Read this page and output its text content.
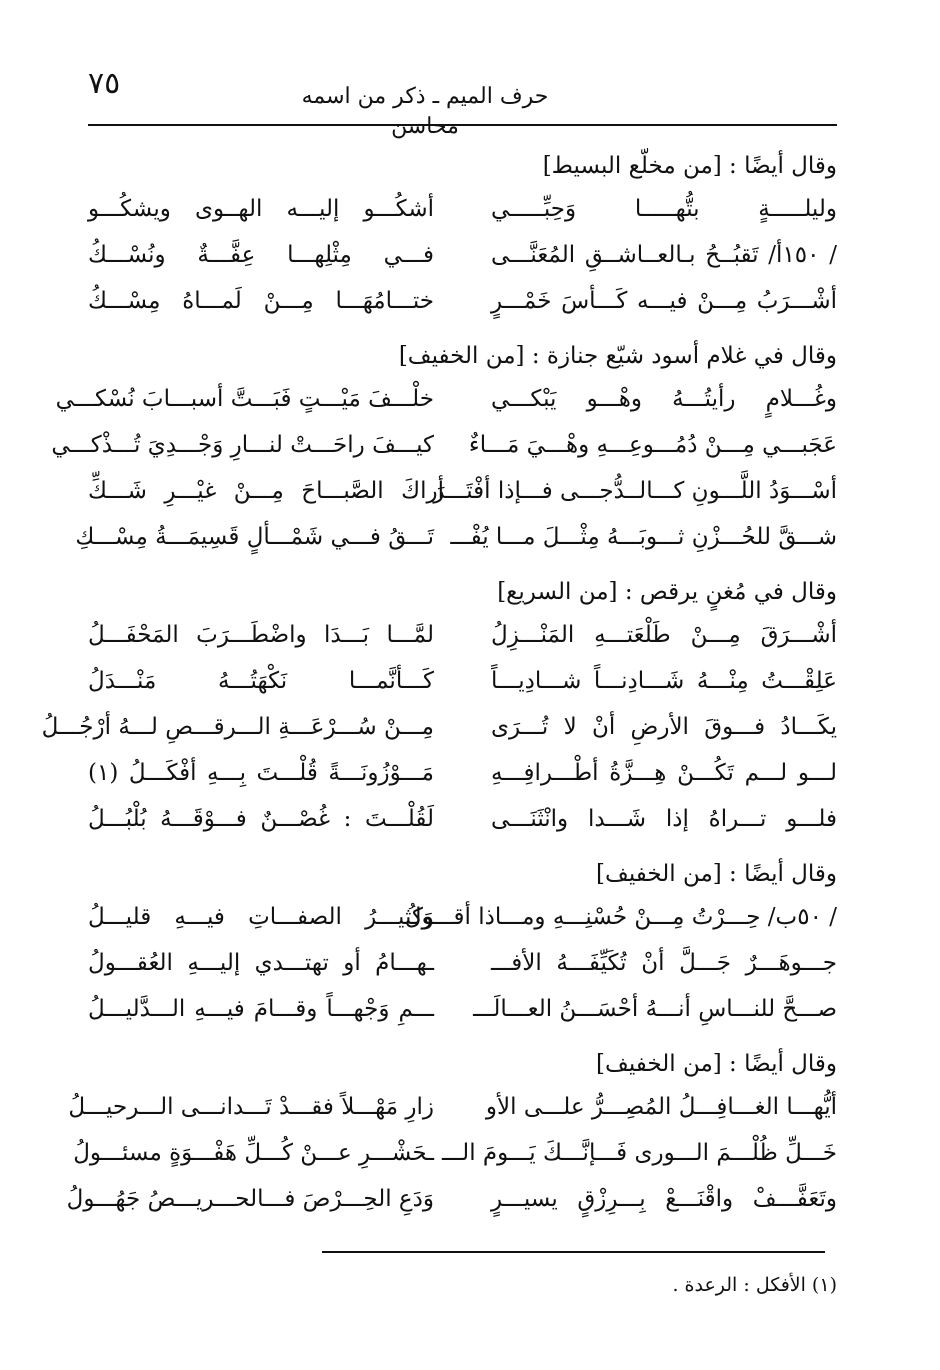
٧٥	حرف الميم ـ ذكر من اسمه محاسن
وقال أيضًا : [من مخلّع البسيط]
وليلـــــةٍ بتُّهـــــا وَحِبِّـــــي
أشكُـــو إليـــه الهــوى ويشكُـــو
/ ١٥٠أ/ تَقبُــحُ بـالعــاشــقِ المُعَنَّـــى
فـــي مِثْلِهـــا عِفَّـــةٌ ونُسْـــكُ
أشْـــرَبُ مِـــنْ فيـــه كَـــأسَ خَمْـــرٍ
ختـــامُهَـــا مِـــنْ لَمـــاهُ مِسْـــكُ
وقال في غلام أسود شيّع جنازة : [من الخفيف]
وغُـــلامٍ رأيتُـــهُ وهْـــو يَبْكـــي
خلْـــفَ مَيْـــتٍ فَبَـــتَّ أسبـــابَ نُسْكـــي
عَجَبـــي مِـــنْ دُمُـــوعِـــهِ وهْـــيَ مَـــاءٌ
كيـــفَ راحَـــتْ لنـــارِ وَجْـــدِيَ تُـــذْكـــي
أسْـــوَدُ اللَّـــونِ كـــالــدُّجـــى فـــإذا أفْتَـــرَ
أراكَ الصَّبـــاحَ مِـــنْ غيْـــرِ شَـــكِّ
شـــقَّ للحُـــزْنِ ثـــوبَـــهُ مِثْـــلَ مـــا يُفْـــ
تَـــقُ فـــي شَمْـــألٍ قَسِيمَـــةُ مِسْـــكِ
وقال في مُغنٍ يرقص : [من السريع]
أشْـــرَقَ مِـــنْ طَلْعَتـــهِ المَنْـــزِلُ
لمَّـــا بَـــدَا واضْطَـــرَبَ المَحْفَـــلُ
عَلِقْـــتُ مِنْـــهُ شَـــادِنـــاً شـــادِيـــاً
كَـــأنَّمـــا نَكْهَتُـــهُ مَنْـــدَلُ
يكَـــادُ فـــوقَ الأرضِ أنْ لا تُـــرَى
مِـــنْ سُـــرْعَـــةِ الـــرقـــصِ لـــهُ أرْجُـــلُ
لـــو لـــم تَكُـــنْ هِـــزَّةُ أطْـــرافِـــهِ
مَـــوْزُونَـــةً قُلْـــتَ بِـــهِ أفْكَـــلُ (١)
فلـــو تـــراهُ إذا شَـــدا وانْثَنَـــى
لَقُلْـــتَ : غُصْـــنٌ فـــوْقَـــهُ بُلْبُـــلُ
وقال أيضًا : [من الخفيف]
/ ٥٠ب/ حِـــرْتُ مِـــنْ حُسْنِـــهِ ومـــاذا أقـــولُ
وَكثيـــرُ الصفـــاتِ فيـــهِ قليـــلُ
جـــوهَـــرٌ جَـــلَّ أنْ تُكَيِّفَـــهُ الأفـــ
ـهـــامُ أو تهتـــدي إليـــهِ العُقـــولُ
صـــحَّ للنـــاسِ أنـــهُ أحْسَـــنُ العـــالَـــ
ـــمِ وَجْهـــاً وقـــامَ فيـــهِ الـــدَّليـــلُ
وقال أيضًا : [من الخفيف]
أيُّهـــا الغـــافِـــلُ المُصِـــرُّ علـــى الأو
زارِ مَهْـــلاً فقـــدْ تَـــدانـــى الـــرحيـــلُ
خَـــلِّ ظُلْـــمَ الـــورى فَـــإنَّـــكَ يَـــومَ الـــ
ـحَشْـــرِ عـــنْ كُـــلِّ هَفْـــوَةٍ مسئـــولُ
وتَعَفَّـــفْ واقْنَـــعْ بِـــرِزْقٍ يسيـــرٍ
وَدَعِ الحِـــرْصَ فـــالحـــريـــصُ جَهُـــولُ
(١) الأفكل : الرعدة .
